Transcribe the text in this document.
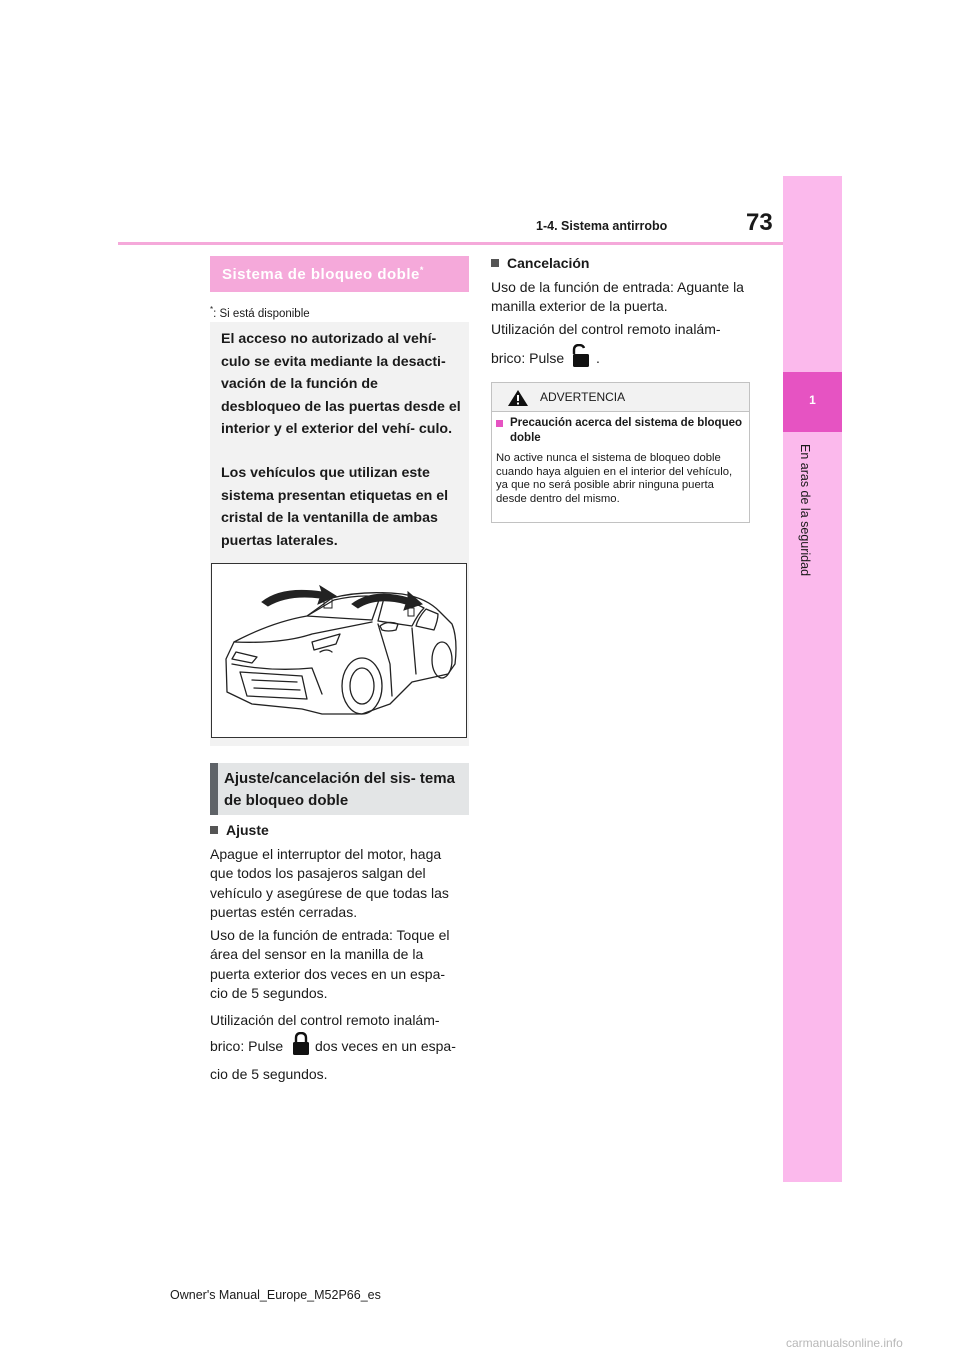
1-4. Sistema antirrobo	73
1
En aras de la seguridad
Sistema de bloqueo doble*
*: Si está disponible
El acceso no autorizado al vehí- culo se evita mediante la desacti- vación de la función de desbloqueo de las puertas desde el interior y el exterior del vehí- culo.
Los vehículos que utilizan este sistema presentan etiquetas en el cristal de la ventanilla de ambas puertas laterales.
Ajuste/cancelación del sis- tema de bloqueo doble
Ajuste
Apague el interruptor del motor, haga que todos los pasajeros salgan del vehículo y asegúrese de que todas las puertas estén cerradas.
Uso de la función de entrada: Toque el área del sensor en la manilla de la puerta exterior dos veces en un espa- cio de 5 segundos.
Utilización del control remoto inalám-
brico: Pulse dos veces en un espa-
cio de 5 segundos.
Cancelación
Uso de la función de entrada: Aguante la manilla exterior de la puerta.
Utilización del control remoto inalám-
brico: Pulse .
ADVERTENCIA
Precaución acerca del sistema de bloqueo doble
No active nunca el sistema de bloqueo doble cuando haya alguien en el interior del vehículo, ya que no será posible abrir ninguna puerta desde dentro del mismo.
Owner's Manual_Europe_M52P66_es
carmanualsonline.info
